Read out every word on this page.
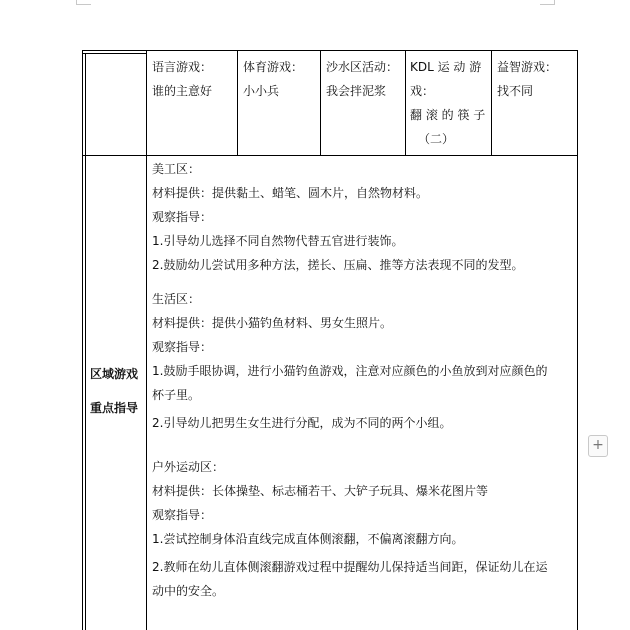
语言游戏：
谁的主意好
体育游戏：
小小兵
沙水区活动：
我会拌泥浆
KDL 运 动 游
戏：
翻 滚 的 筷 子
（二）
益智游戏：
找不同
区域游戏
重点指导
美工区：
材料提供：提供黏土、蜡笔、圆木片，自然物材料。
观察指导：
1.引导幼儿选择不同自然物代替五官进行装饰。
2.鼓励幼儿尝试用多种方法，搓长、压扁、推等方法表现不同的发型。
生活区：
材料提供：提供小猫钓鱼材料、男女生照片。
观察指导：
1.鼓励手眼协调，进行小猫钓鱼游戏，注意对应颜色的小鱼放到对应颜色的
杯子里。
2.引导幼儿把男生女生进行分配，成为不同的两个小组。
户外运动区：
材料提供：长体操垫、标志桶若干、大铲子玩具、爆米花图片等
观察指导：
1.尝试控制身体沿直线完成直体侧滚翻，不偏离滚翻方向。
2.教师在幼儿直体侧滚翻游戏过程中提醒幼儿保持适当间距，保证幼儿在运
动中的安全。
+
